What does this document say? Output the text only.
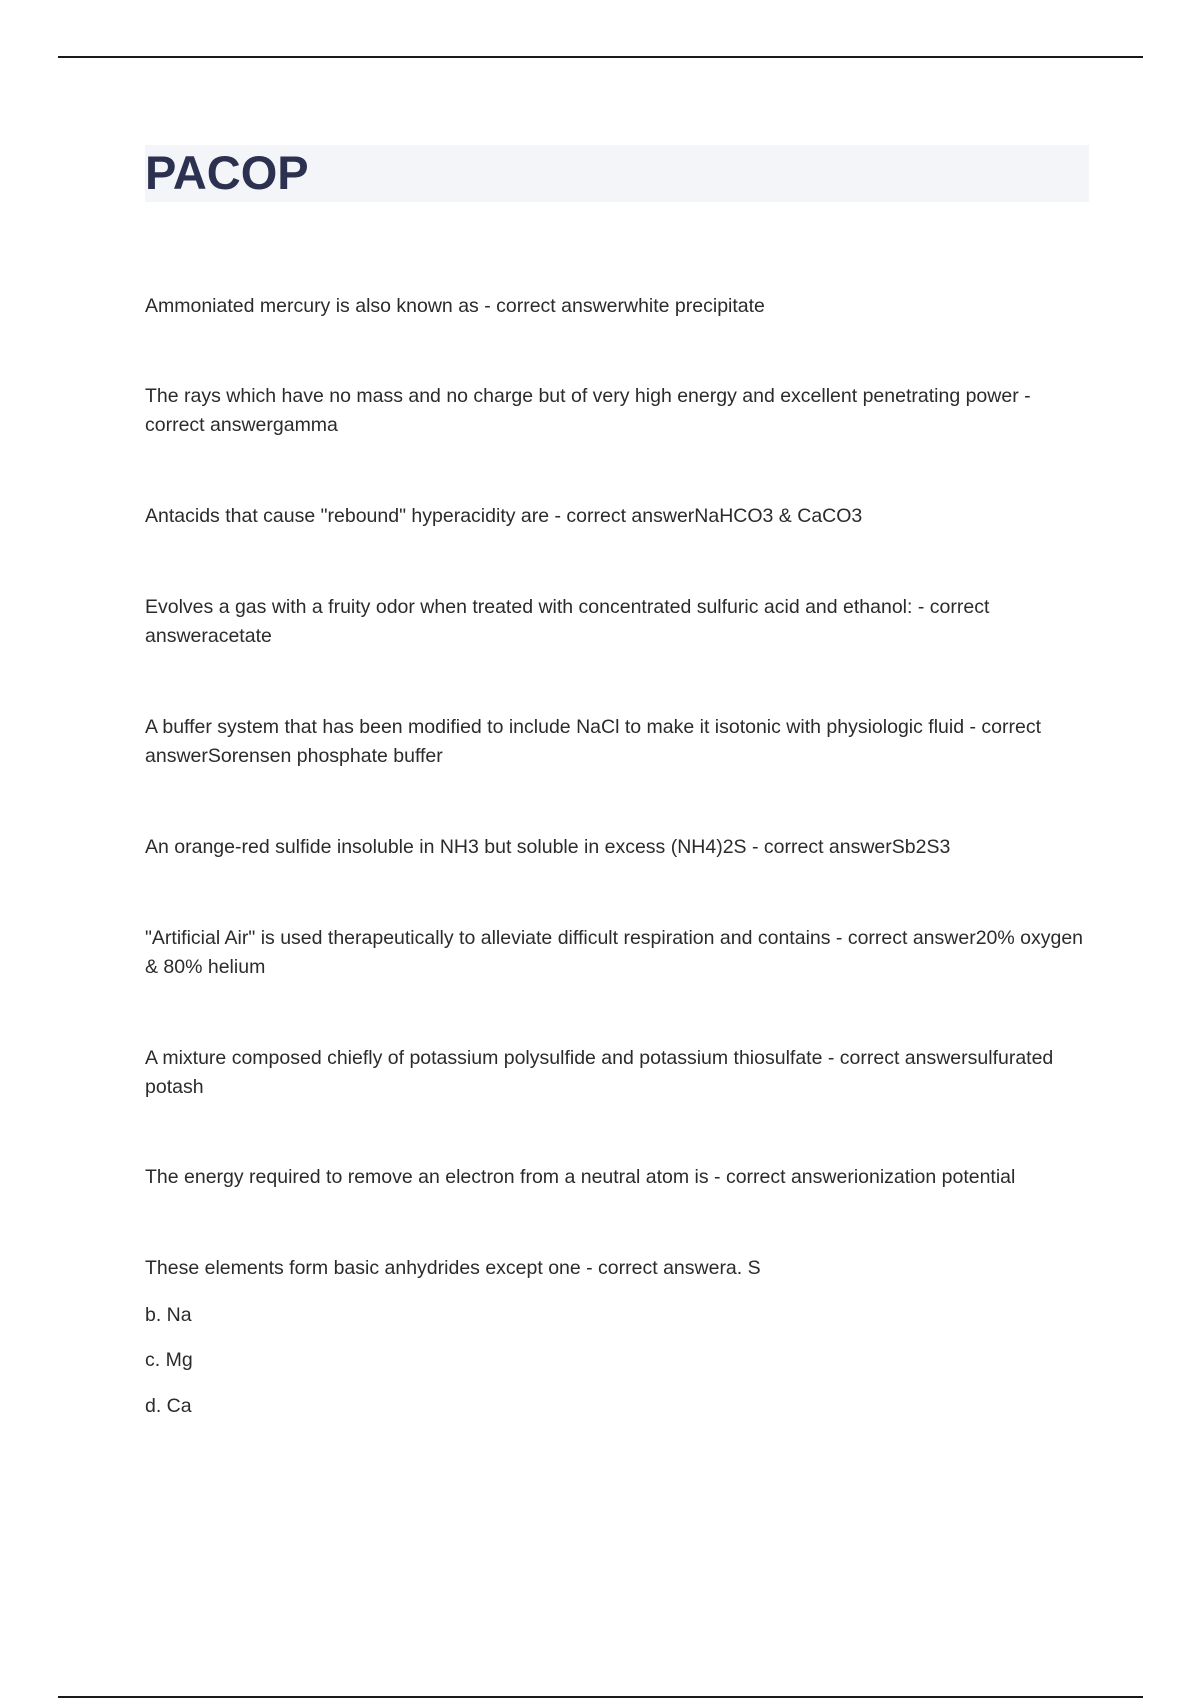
PACOP

Ammoniated mercury is also known as - correct answerwhite precipitate

The rays which have no mass and no charge but of very high energy and excellent penetrating power - correct answergamma

Antacids that cause "rebound" hyperacidity are - correct answerNaHCO3 & CaCO3

Evolves a gas with a fruity odor when treated with concentrated sulfuric acid and ethanol: - correct answeracetate

A buffer system that has been modified to include NaCl to make it isotonic with physiologic fluid - correct answerSorensen phosphate buffer

An orange-red sulfide insoluble in NH3 but soluble in excess (NH4)2S - correct answerSb2S3

"Artificial Air" is used therapeutically to alleviate difficult respiration and contains - correct answer20% oxygen & 80% helium

A mixture composed chiefly of potassium polysulfide and potassium thiosulfate - correct answersulfurated potash

The energy required to remove an electron from a neutral atom is - correct answerionization potential

These elements form basic anhydrides except one - correct answera. S

b. Na

c. Mg

d. Ca
